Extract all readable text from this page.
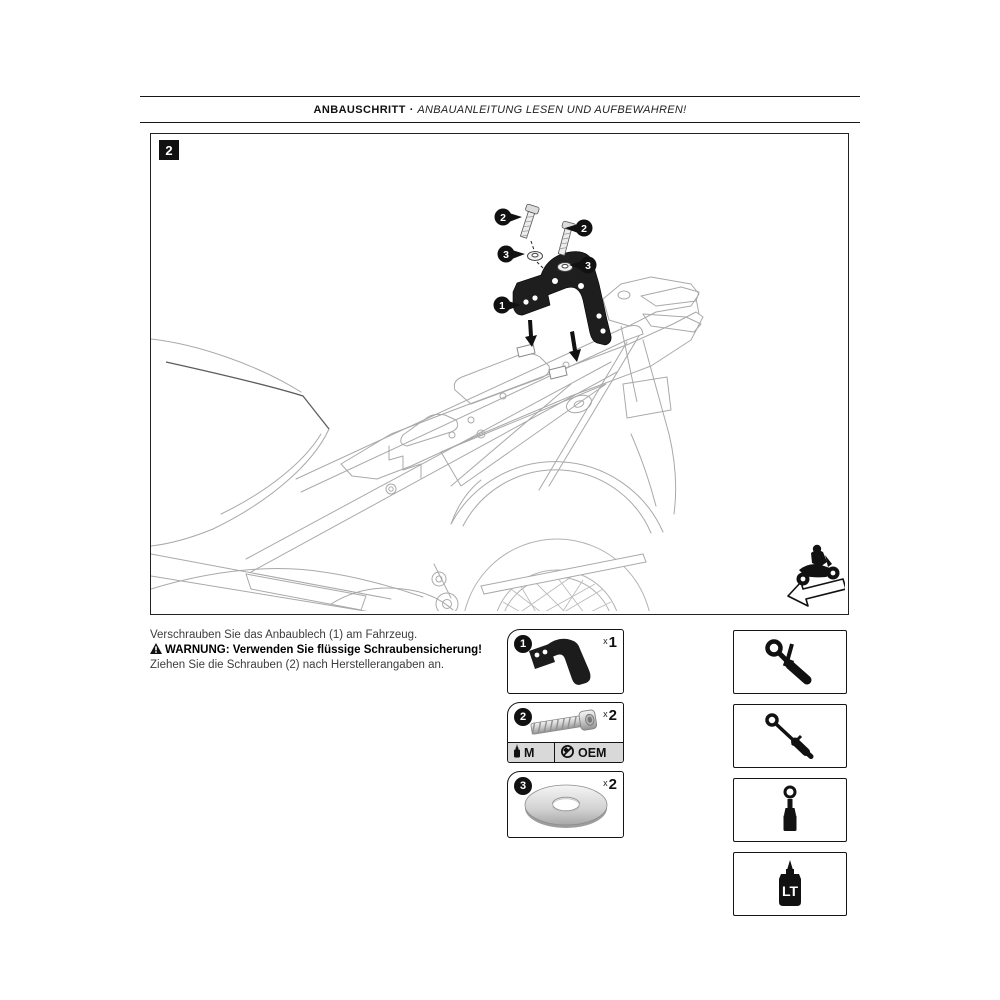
ANBAUSCHRITT · ANBAUANLEITUNG LESEN UND AUFBEWAHREN!
2
2
2
3
3
1
Verschrauben Sie das Anbaublech (1) am Fahrzeug.
WARNUNG: Verwenden Sie flüssige Schraubensicherung!
Ziehen Sie die Schrauben (2) nach Herstellerangaben an.
1	x1
2	x2
M	OEM
3	x2
LT
